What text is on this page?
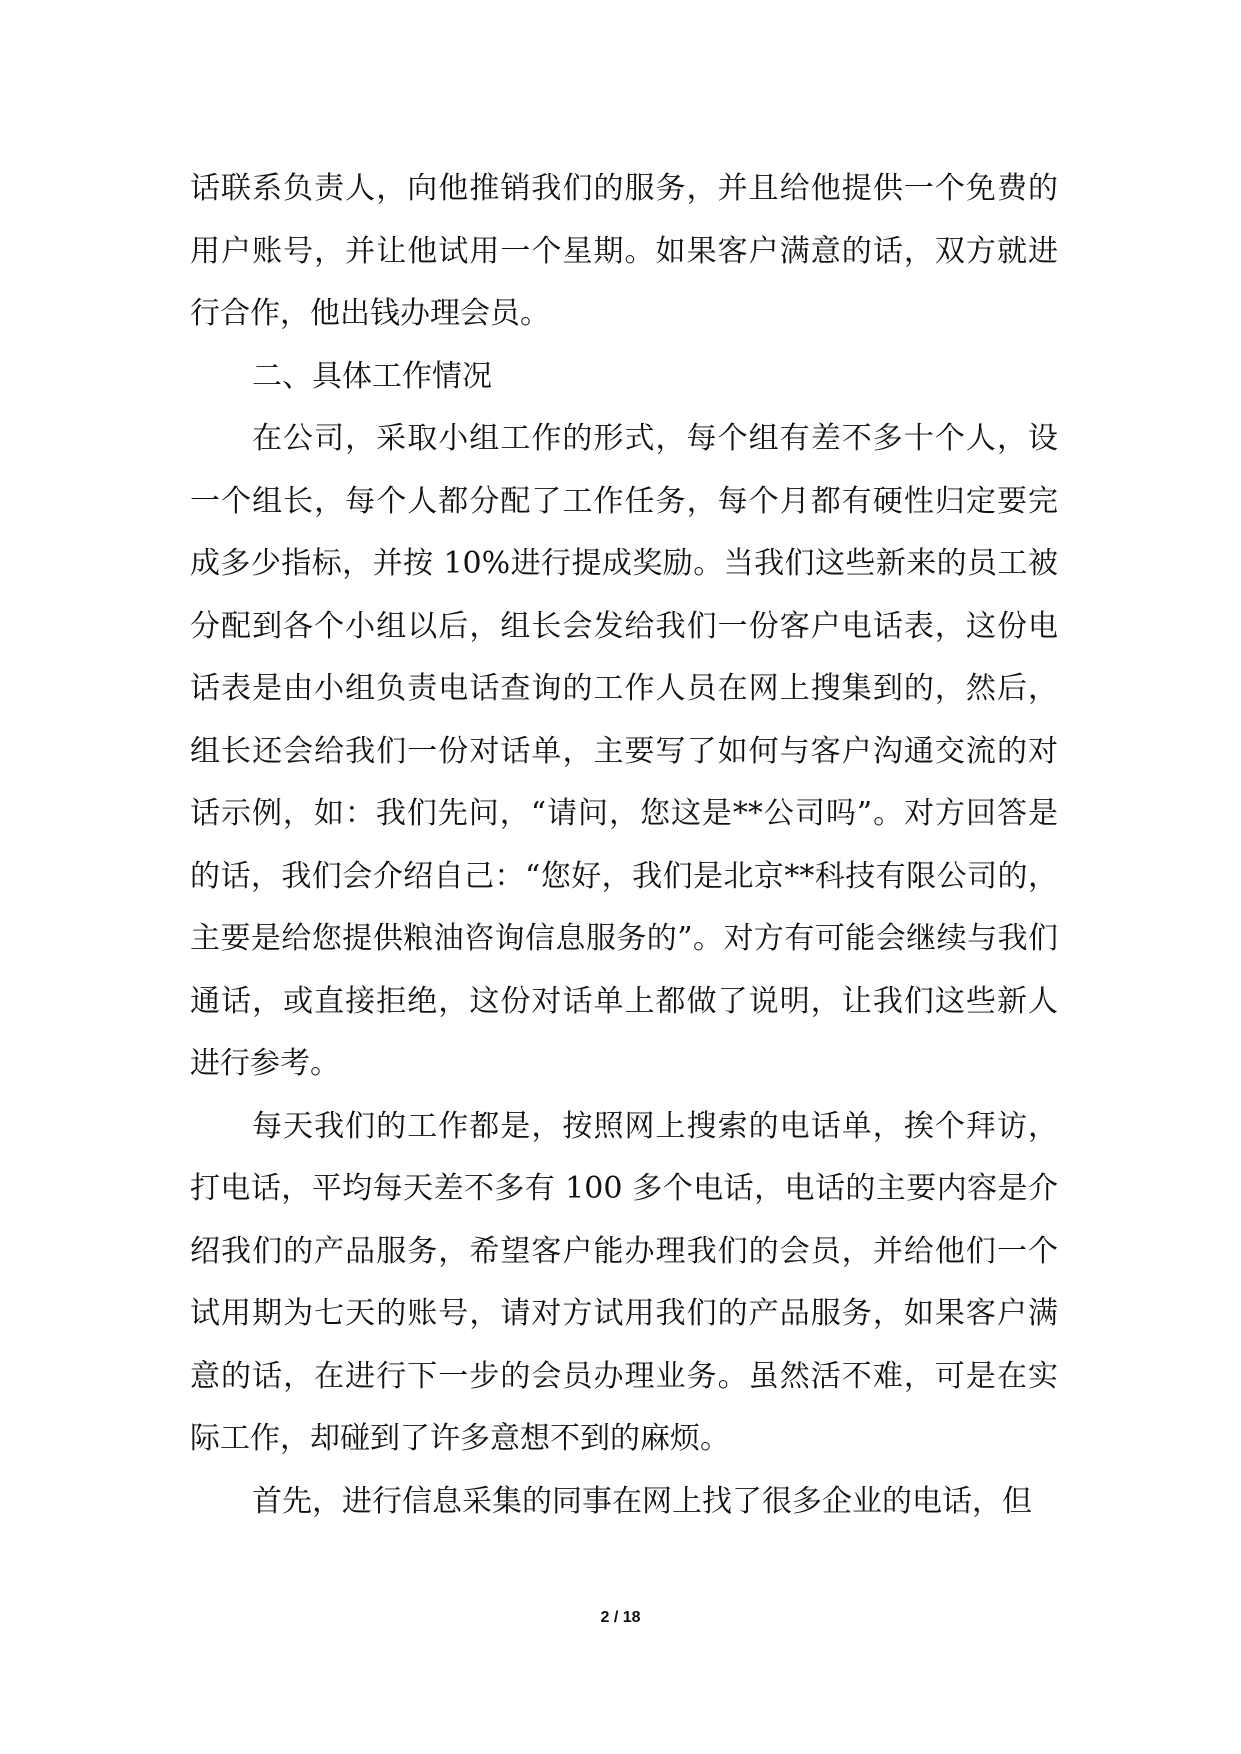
话联系负责人，向他推销我们的服务，并且给他提供一个免费的用户账号，并让他试用一个星期。如果客户满意的话，双方就进行合作，他出钱办理会员。

二、具体工作情况

在公司，采取小组工作的形式，每个组有差不多十个人，设一个组长，每个人都分配了工作任务，每个月都有硬性归定要完成多少指标，并按 10%进行提成奖励。当我们这些新来的员工被分配到各个小组以后，组长会发给我们一份客户电话表，这份电话表是由小组负责电话查询的工作人员在网上搜集到的，然后，组长还会给我们一份对话单，主要写了如何与客户沟通交流的对话示例，如：我们先问，“请问，您这是**公司吗”。对方回答是的话，我们会介绍自己：“您好，我们是北京**科技有限公司的，主要是给您提供粮油咨询信息服务的”。对方有可能会继续与我们通话，或直接拒绝，这份对话单上都做了说明，让我们这些新人进行参考。

每天我们的工作都是，按照网上搜索的电话单，挨个拜访，打电话，平均每天差不多有 100 多个电话，电话的主要内容是介绍我们的产品服务，希望客户能办理我们的会员，并给他们一个试用期为七天的账号，请对方试用我们的产品服务，如果客户满意的话，在进行下一步的会员办理业务。虽然活不难，可是在实际工作，却碰到了许多意想不到的麻烦。

首先，进行信息采集的同事在网上找了很多企业的电话，但

2 / 18
